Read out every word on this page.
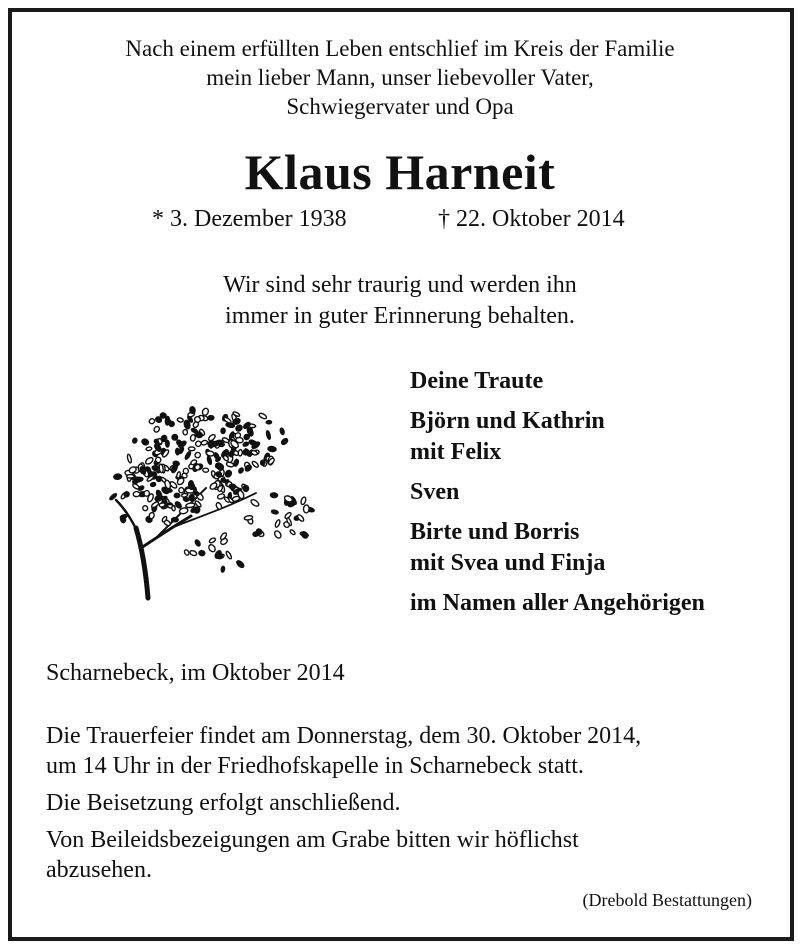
Nach einem erfüllten Leben entschlief im Kreis der Familie
mein lieber Mann, unser liebevoller Vater,
Schwiegervater und Opa
Klaus Harneit
* 3. Dezember 1938	† 22. Oktober 2014
Wir sind sehr traurig und werden ihn
immer in guter Erinnerung behalten.
Deine Traute
Björn und Kathrin
mit Felix
Sven
Birte und Borris
mit Svea und Finja
im Namen aller Angehörigen
Scharnebeck, im Oktober 2014

Die Trauerfeier findet am Donnerstag, dem 30. Oktober 2014,
um 14 Uhr in der Friedhofskapelle in Scharnebeck statt.

Die Beisetzung erfolgt anschließend.

Von Beileidsbezeigungen am Grabe bitten wir höflichst
abzusehen.

(Drebold Bestattungen)
